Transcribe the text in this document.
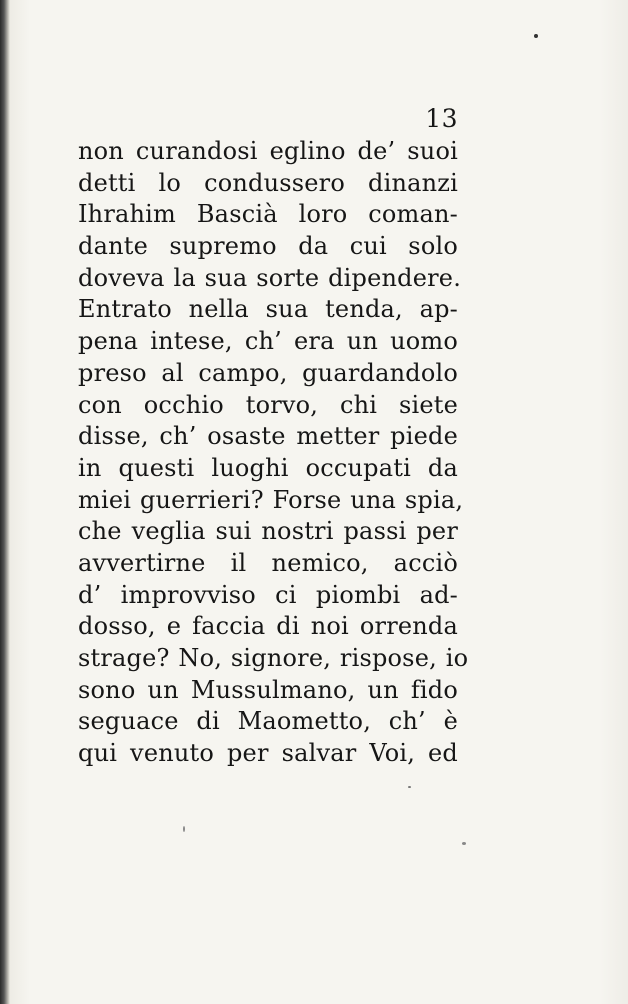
13
non curandosi eglino de’ suoi
detti lo condussero dinanzi
Ihrahim Bascià loro coman-
dante supremo da cui solo
doveva la sua sorte dipendere.
Entrato nella sua tenda, ap-
pena intese, ch’ era un uomo
preso al campo, guardandolo
con occhio torvo, chi siete
disse, ch’ osaste metter piede
in questi luoghi occupati da
miei guerrieri? Forse una spia,
che veglia sui nostri passi per
avvertirne il nemico, acciò
d’ improvviso ci piombi ad-
dosso, e faccia di noi orrenda
strage? No, signore, rispose, io
sono un Mussulmano, un fido
seguace di Maometto, ch’ è
qui venuto per salvar Voi, ed
